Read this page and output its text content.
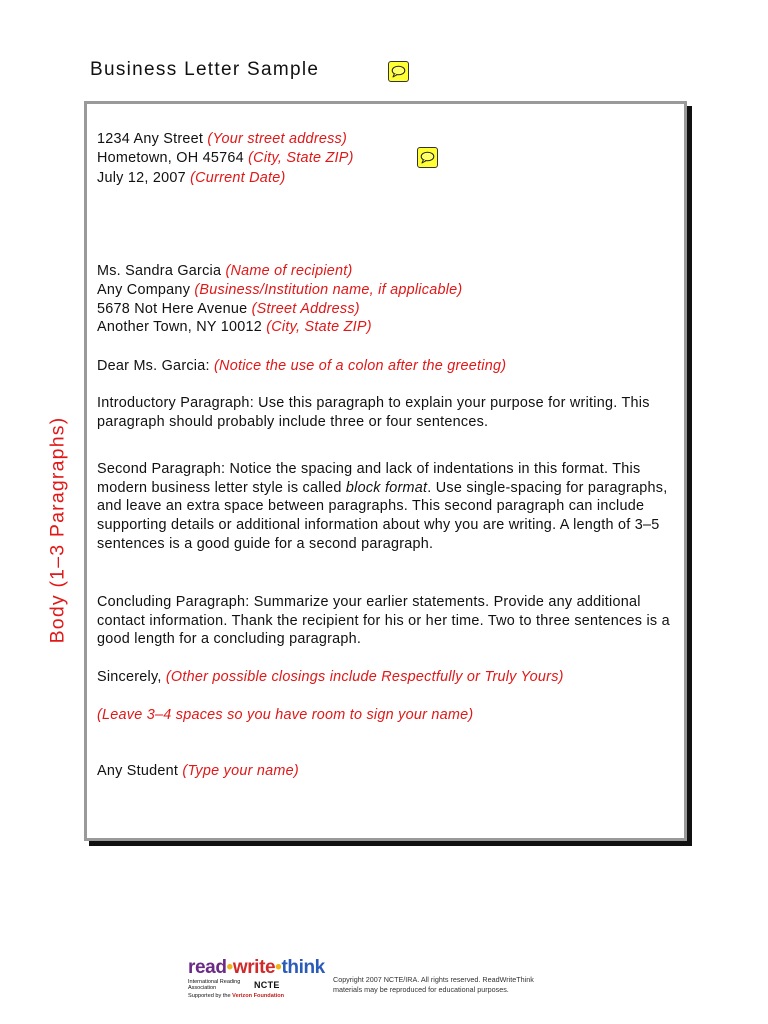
Business Letter Sample
1234 Any Street (Your street address)
Hometown, OH 45764 (City, State ZIP)
July 12, 2007 (Current Date)
Ms. Sandra Garcia (Name of recipient)
Any Company (Business/Institution name, if applicable)
5678 Not Here Avenue (Street Address)
Another Town, NY 10012 (City, State ZIP)
Dear Ms. Garcia: (Notice the use of a colon after the greeting)
Introductory Paragraph: Use this paragraph to explain your purpose for writing. This paragraph should probably include three or four sentences.
Second Paragraph: Notice the spacing and lack of indentations in this format. This modern business letter style is called block format. Use single-spacing for paragraphs, and leave an extra space between paragraphs. This second paragraph can include supporting details or additional information about why you are writing. A length of 3–5 sentences is a good guide for a second paragraph.
Concluding Paragraph: Summarize your earlier statements. Provide any additional contact information. Thank the recipient for his or her time. Two to three sentences is a good length for a concluding paragraph.
Sincerely, (Other possible closings include Respectfully or Truly Yours)
(Leave 3–4 spaces so you have room to sign your name)
Any Student (Type your name)
Body (1–3 Paragraphs)
read•write•think
International Reading Association	NCTE
Supported by the Verizon Foundation
Copyright 2007 NCTE/IRA. All rights reserved. ReadWriteThink
materials may be reproduced for educational purposes.
